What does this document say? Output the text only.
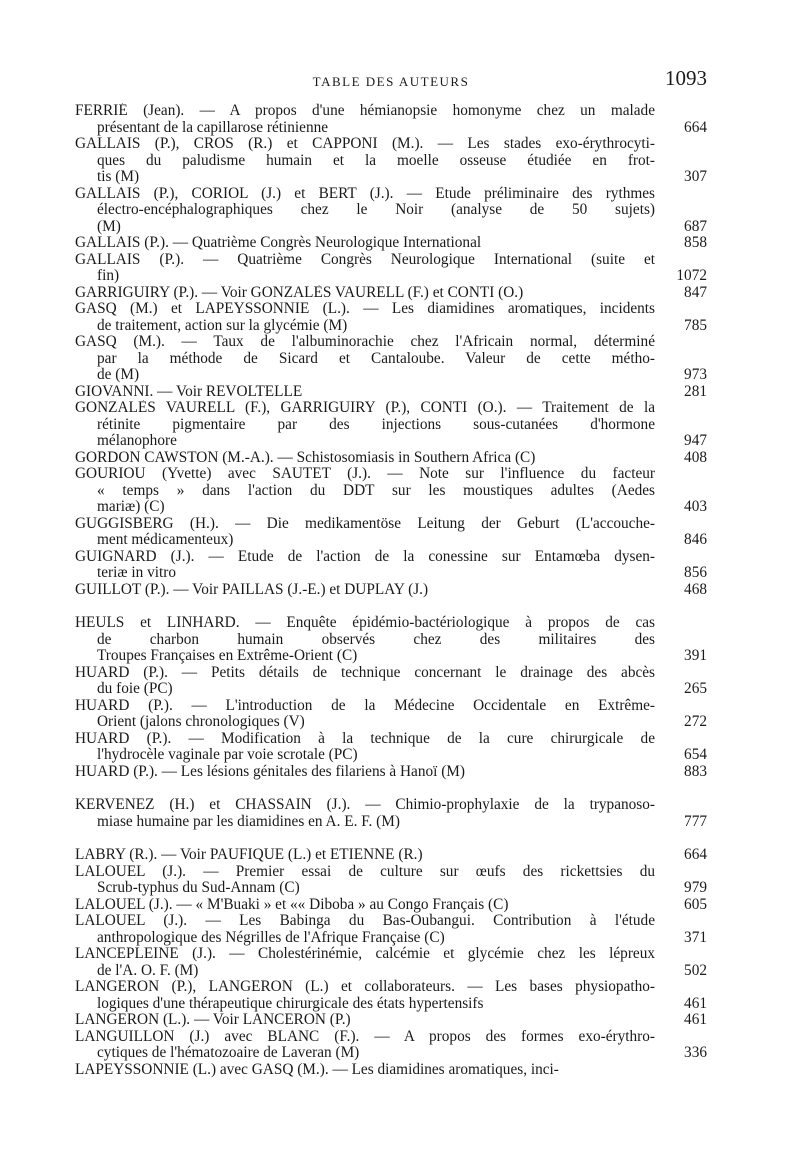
TABLE DES AUTEURS	1093
FERRIÉ (Jean). — A propos d'une hémianopsie homonyme chez un malade
présentant de la capillarose rétinienne	664
GALLAIS (P.), CROS (R.) et CAPPONI (M.). — Les stades exo-érythrocyti-
ques du paludisme humain et la moelle osseuse étudiée en frot-
tis (M)	307
GALLAIS (P.), CORIOL (J.) et BERT (J.). — Etude préliminaire des rythmes
électro-encéphalographiques chez le Noir (analyse de 50 sujets)
(M)	687
GALLAIS (P.). — Quatrième Congrès Neurologique International	858
GALLAIS (P.). — Quatrième Congrès Neurologique International (suite et
fin)	1072
GARRIGUIRY (P.). — Voir GONZALÈS VAURELL (F.) et CONTI (O.)	847
GASQ (M.) et LAPEYSSONNIE (L.). — Les diamidines aromatiques, incidents
de traitement, action sur la glycémie (M)	785
GASQ (M.). — Taux de l'albuminorachie chez l'Africain normal, déterminé
par la méthode de Sicard et Cantaloube. Valeur de cette métho-
de (M)	973
GIOVANNI. — Voir REVOLTELLE	281
GONZALÈS VAURELL (F.), GARRIGUIRY (P.), CONTI (O.). — Traitement de la
rétinite pigmentaire par des injections sous-cutanées d'hormone
mélanophore	947
GORDON CAWSTON (M.-A.). — Schistosomiasis in Southern Africa (C)	408
GOURIOU (Yvette) avec SAUTET (J.). — Note sur l'influence du facteur
« temps » dans l'action du DDT sur les moustiques adultes (Aedes
mariæ) (C)	403
GUGGISBERG (H.). — Die medikamentöse Leitung der Geburt (L'accouche-
ment médicamenteux)	846
GUIGNARD (J.). — Etude de l'action de la conessine sur Entamœba dysen-
teriæ in vitro	856
GUILLOT (P.). — Voir PAILLAS (J.-E.) et DUPLAY (J.)	468
HEULS et LINHARD. — Enquête épidémio-bactériologique à propos de cas
de charbon humain observés chez des militaires des
Troupes Françaises en Extrême-Orient (C)	391
HUARD (P.). — Petits détails de technique concernant le drainage des abcès
du foie (PC)	265
HUARD (P.). — L'introduction de la Médecine Occidentale en Extrême-
Orient (jalons chronologiques (V)	272
HUARD (P.). — Modification à la technique de la cure chirurgicale de
l'hydrocèle vaginale par voie scrotale (PC)	654
HUARD (P.). — Les lésions génitales des filariens à Hanoï (M)	883
KERVENEZ (H.) et CHASSAIN (J.). — Chimio-prophylaxie de la trypanoso-
miase humaine par les diamidines en A. E. F. (M)	777
LABRY (R.). — Voir PAUFIQUE (L.) et ETIENNE (R.)	664
LALOUEL (J.). — Premier essai de culture sur œufs des rickettsies du
Scrub-typhus du Sud-Annam (C)	979
LALOUEL (J.). — « M'Buaki » et «« Diboba » au Congo Français (C)	605
LALOUEL (J.). — Les Babinga du Bas-Oubangui. Contribution à l'étude
anthropologique des Négrilles de l'Afrique Française (C)	371
LANCEPLEINE (J.). — Cholestérinémie, calcémie et glycémie chez les lépreux
de l'A. O. F. (M)	502
LANGERON (P.), LANGERON (L.) et collaborateurs. — Les bases physiopatho-
logiques d'une thérapeutique chirurgicale des états hypertensifs	461
LANGERON (L.). — Voir LANCERON (P.)	461
LANGUILLON (J.) avec BLANC (F.). — A propos des formes exo-érythro-
cytiques de l'hématozoaire de Laveran (M)	336
LAPEYSSONNIE (L.) avec GASQ (M.). — Les diamidines aromatiques, inci-
